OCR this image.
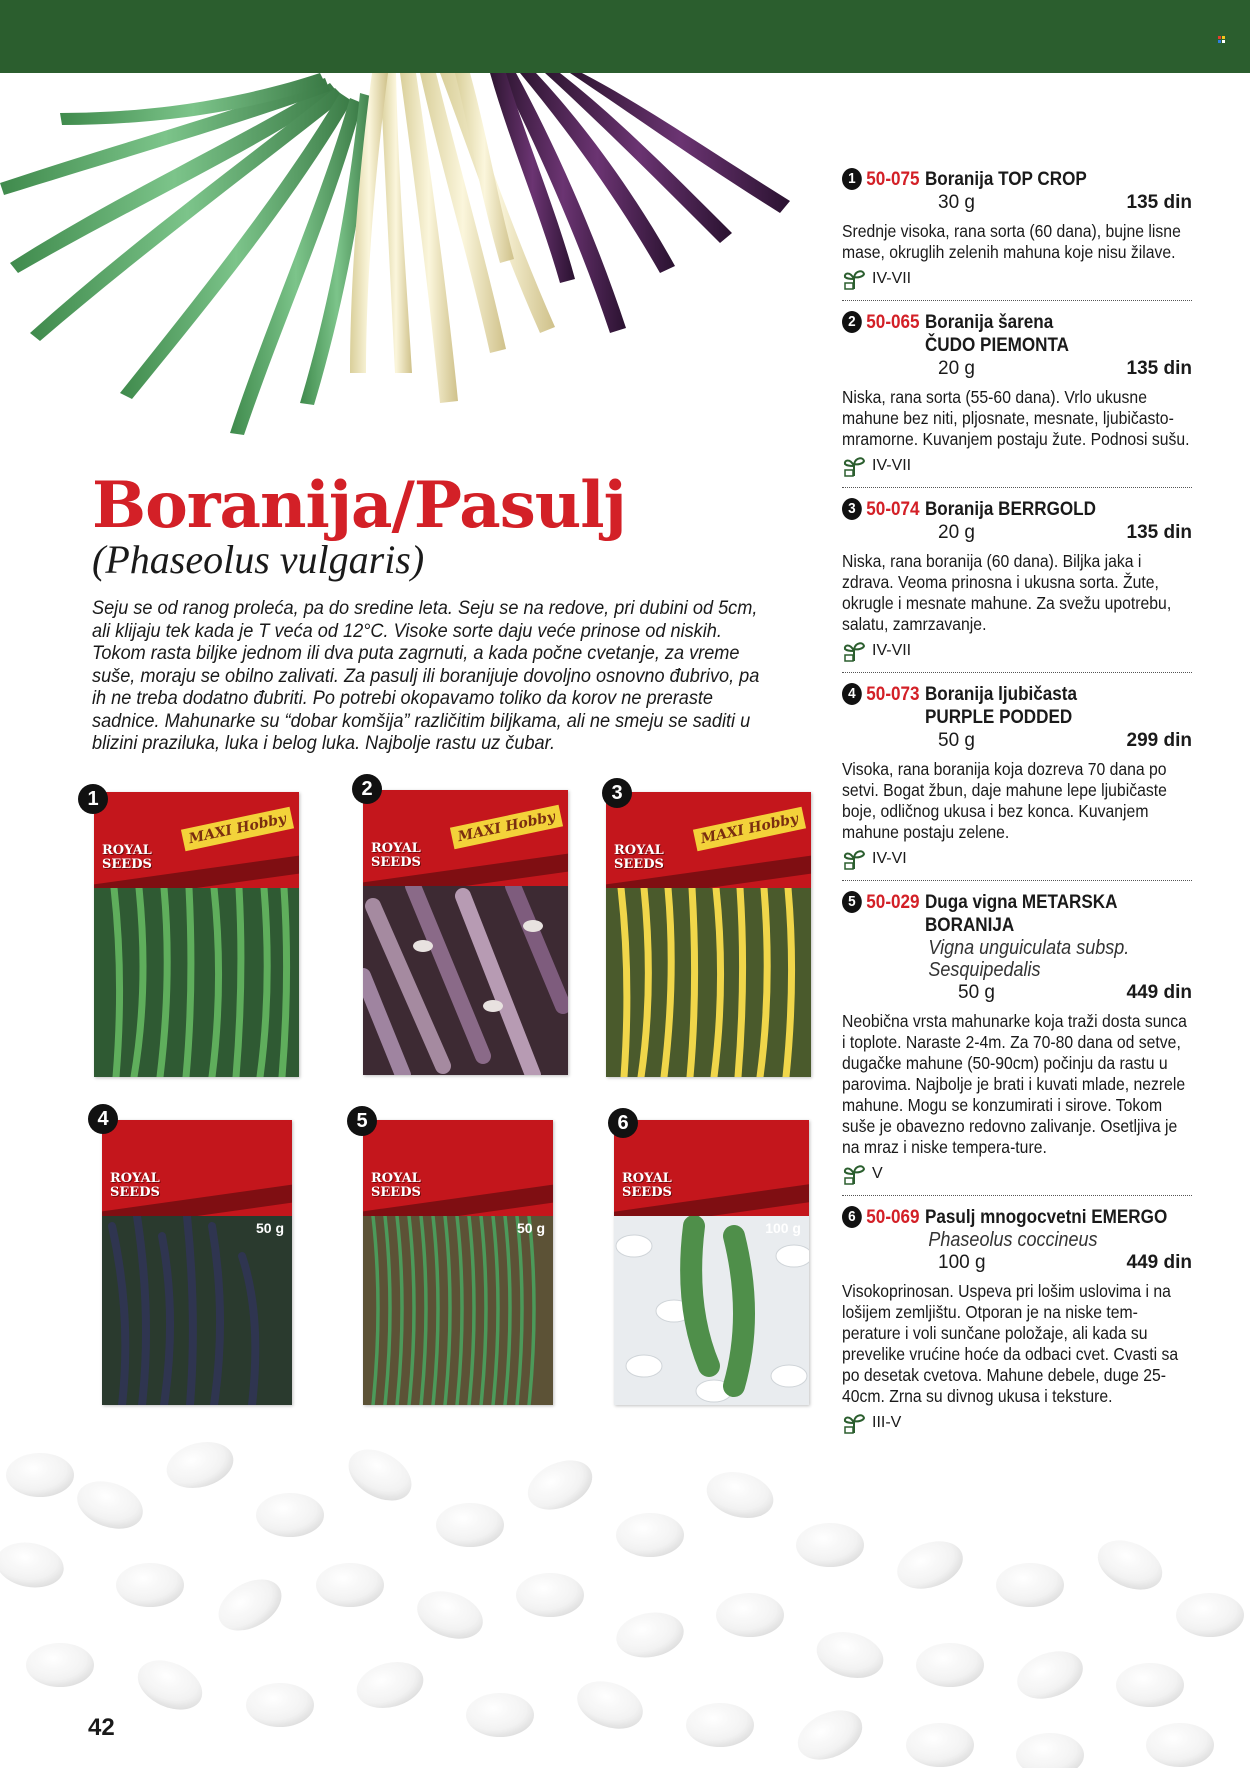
Boranija/Pasulj
(Phaseolus vulgaris)
Seju se od ranog proleća, pa do sredine leta. Seju se na redove, pri dubini od 5cm, ali klijaju tek kada je T veća od 12°C. Visoke sorte daju veće prinose od niskih. Tokom rasta biljke jednom ili dva puta zagrnuti, a kada počne cvetanje, za vreme suše, moraju se obilno zalivati. Za pasulj ili boranijuje dovoljno osnovno đubrivo, pa ih ne treba dodatno đubriti. Po potrebi okopavamo toliko da korov ne preraste sadnice. Mahunarke su “dobar komšija” različitim biljkama, ali ne smeju se saditi u blizini praziluka, luka i belog luka. Najbolje rastu uz čubar.
1
MAXI Hobby
ROYAL SEEDS
2
MAXI Hobby
ROYAL SEEDS
3
MAXI Hobby
ROYAL SEEDS
4
ROYAL SEEDS
50 g
5
ROYAL SEEDS
50 g
6
ROYAL SEEDS
100 g
1 50-075 Boranija TOP CROP
30 g	135 din
Srednje visoka, rana sorta (60 dana), bujne lisne mase, okruglih zelenih mahuna koje nisu žilave.
IV-VII
2 50-065 Boranija šarena ČUDO PIEMONTA
20 g	135 din
Niska, rana sorta (55-60 dana). Vrlo ukusne mahune bez niti, pljosnate, mesnate, ljubičasto-mramorne. Kuvanjem postaju žute. Podnosi sušu.
IV-VII
3 50-074 Boranija BERRGOLD
20 g	135 din
Niska, rana boranija (60 dana). Biljka jaka i zdrava. Veoma prinosna i ukusna sorta. Žute, okrugle i mesnate mahune. Za svežu upotrebu, salatu, zamrzavanje.
IV-VII
4 50-073 Boranija ljubičasta PURPLE PODDED
50 g	299 din
Visoka, rana boranija koja dozreva 70 dana po setvi. Bogat žbun, daje mahune lepe ljubičaste boje, odličnog ukusa i bez konca. Kuvanjem mahune postaju zelene.
IV-VI
5 50-029 Duga vigna METARSKA BORANIJA
Vigna unguiculata subsp. Sesquipedalis
50 g	449 din
Neobična vrsta mahunarke koja traži dosta sunca i toplote. Naraste 2-4m. Za 70-80 dana od setve, dugačke mahune (50-90cm) počinju da rastu u parovima. Najbolje je brati i kuvati mlade, nezrele mahune. Mogu se konzumirati i sirove. Tokom suše je obavezno redovno zalivanje. Osetljiva je na mraz i niske tempera-ture.
V
6 50-069 Pasulj mnogocvetni EMERGO
Phaseolus coccineus
100 g	449 din
Visokoprinosan. Uspeva pri lošim uslovima i na lošijem zemljištu. Otporan je na niske tem-perature i voli sunčane položaje, ali kada su prevelike vrućine hoće da odbaci cvet. Cvasti sa po desetak cvetova. Mahune debele, duge 25-40cm. Zrna su divnog ukusa i teksture.
III-V
42
